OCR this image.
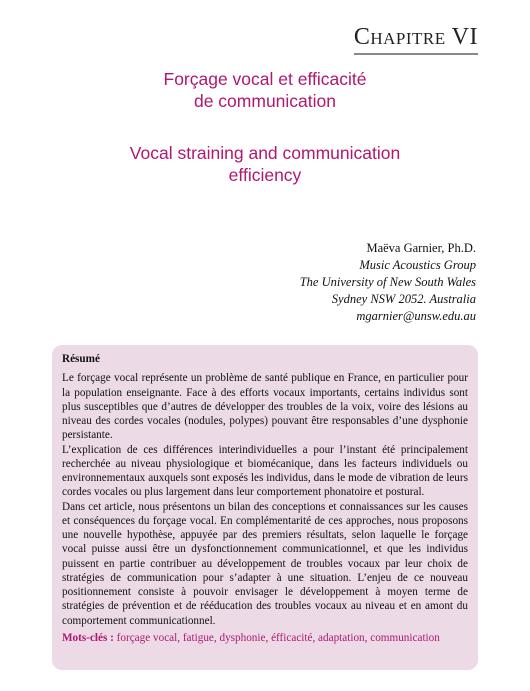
Chapitre VI
Forçage vocal et efficacité
de communication
Vocal straining and communication
efficiency
Maëva Garnier, Ph.D.
Music Acoustics Group
The University of New South Wales
Sydney NSW 2052. Australia
mgarnier@unsw.edu.au
Résumé

Le forçage vocal représente un problème de santé publique en France, en particulier pour la population enseignante. Face à des efforts vocaux importants, certains individus sont plus susceptibles que d’autres de développer des troubles de la voix, voire des lésions au niveau des cordes vocales (nodules, polypes) pouvant être responsables d’une dysphonie persistante.

L’explication de ces différences interindividuelles a pour l’instant été principalement recherchée au niveau physiologique et biomécanique, dans les facteurs individuels ou environnementaux auxquels sont exposés les individus, dans le mode de vibration de leurs cordes vocales ou plus largement dans leur comportement phonatoire et postural.

Dans cet article, nous présentons un bilan des conceptions et connaissances sur les causes et conséquences du forçage vocal. En complémentarité de ces approches, nous proposons une nouvelle hypothèse, appuyée par des premiers résultats, selon laquelle le forçage vocal puisse aussi être un dysfonctionnement communicationnel, et que les individus puissent en partie contribuer au développement de troubles vocaux par leur choix de stratégies de communication pour s’adapter à une situation. L’enjeu de ce nouveau positionnement consiste à pouvoir envisager le développement à moyen terme de stratégies de prévention et de rééducation des troubles vocaux au niveau et en amont du comportement communicationnel.

Mots-clés : forçage vocal, fatigue, dysphonie, éfficacité, adaptation, communication
